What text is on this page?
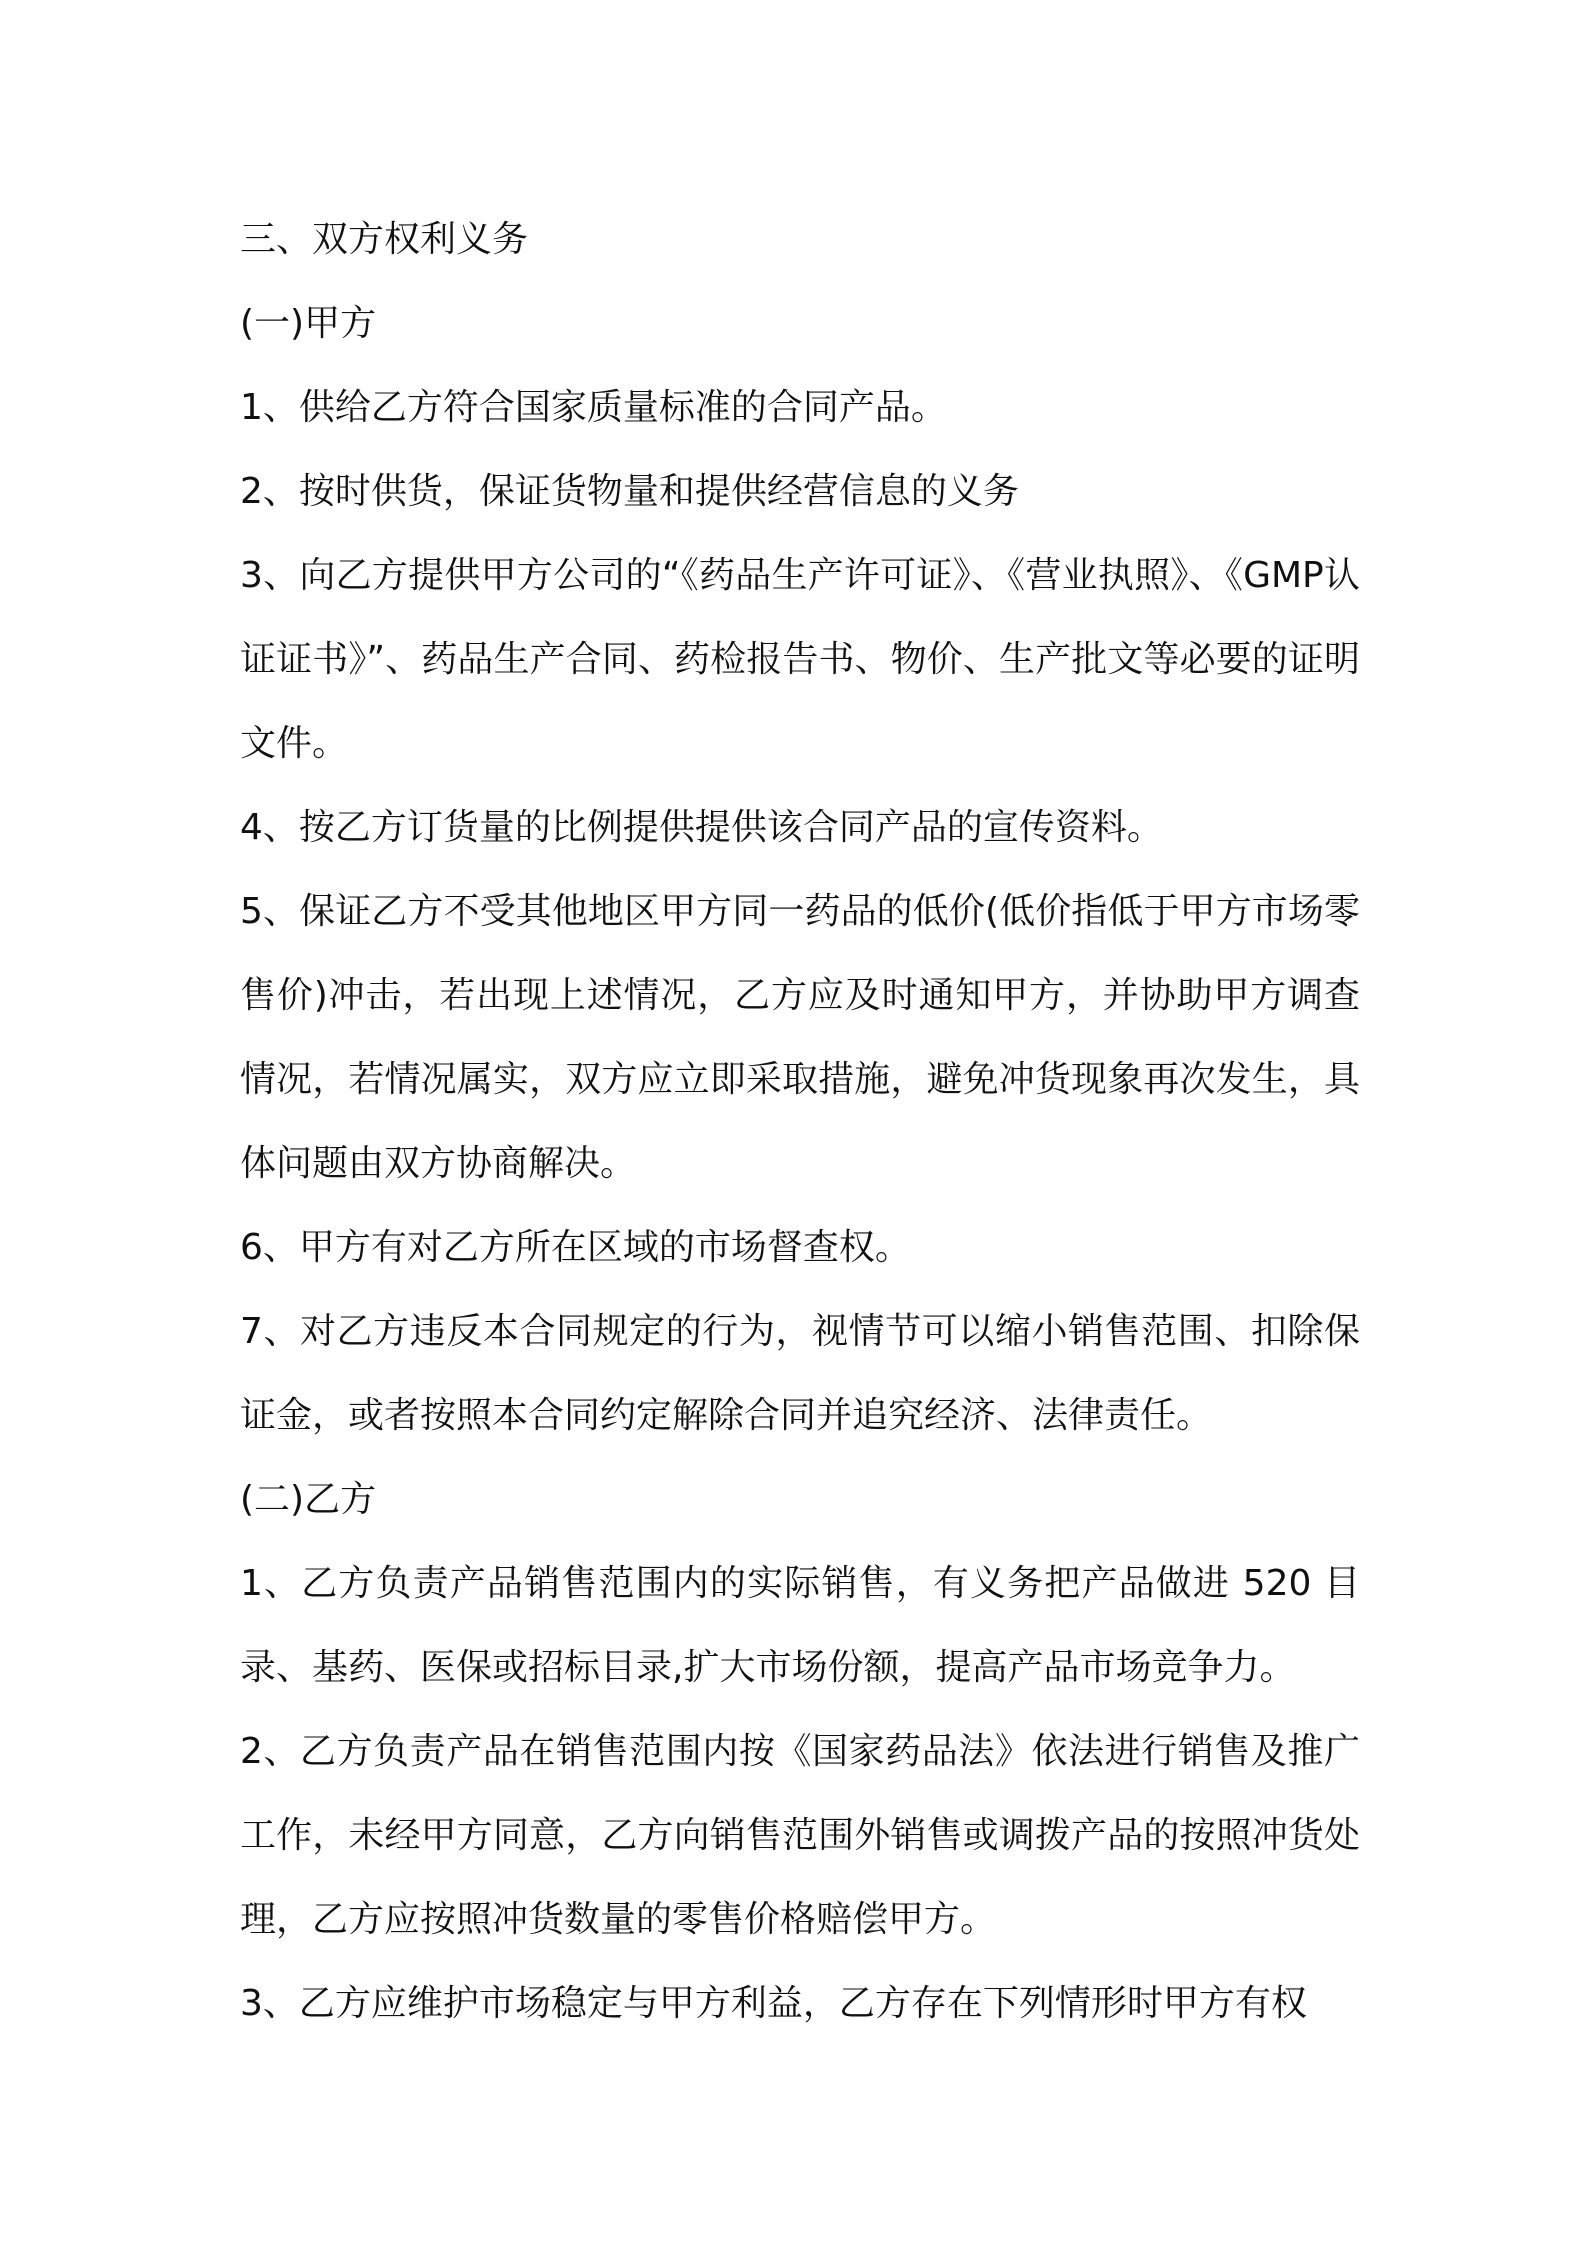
三、双方权利义务

(一)甲方

1、供给乙方符合国家质量标准的合同产品。

2、按时供货，保证货物量和提供经营信息的义务

3、向乙方提供甲方公司的“《药品生产许可证》、《营业执照》、《GMP认证证书》”、药品生产合同、药检报告书、物价、生产批文等必要的证明文件。

4、按乙方订货量的比例提供提供该合同产品的宣传资料。

5、保证乙方不受其他地区甲方同一药品的低价(低价指低于甲方市场零售价)冲击，若出现上述情况，乙方应及时通知甲方，并协助甲方调查情况，若情况属实，双方应立即采取措施，避免冲货现象再次发生，具体问题由双方协商解决。

6、甲方有对乙方所在区域的市场督查权。

7、对乙方违反本合同规定的行为，视情节可以缩小销售范围、扣除保证金，或者按照本合同约定解除合同并追究经济、法律责任。

(二)乙方

1、乙方负责产品销售范围内的实际销售，有义务把产品做进 520 目录、基药、医保或招标目录,扩大市场份额，提高产品市场竞争力。

2、乙方负责产品在销售范围内按《国家药品法》依法进行销售及推广工作，未经甲方同意，乙方向销售范围外销售或调拨产品的按照冲货处理，乙方应按照冲货数量的零售价格赔偿甲方。

3、乙方应维护市场稳定与甲方利益，乙方存在下列情形时甲方有权
